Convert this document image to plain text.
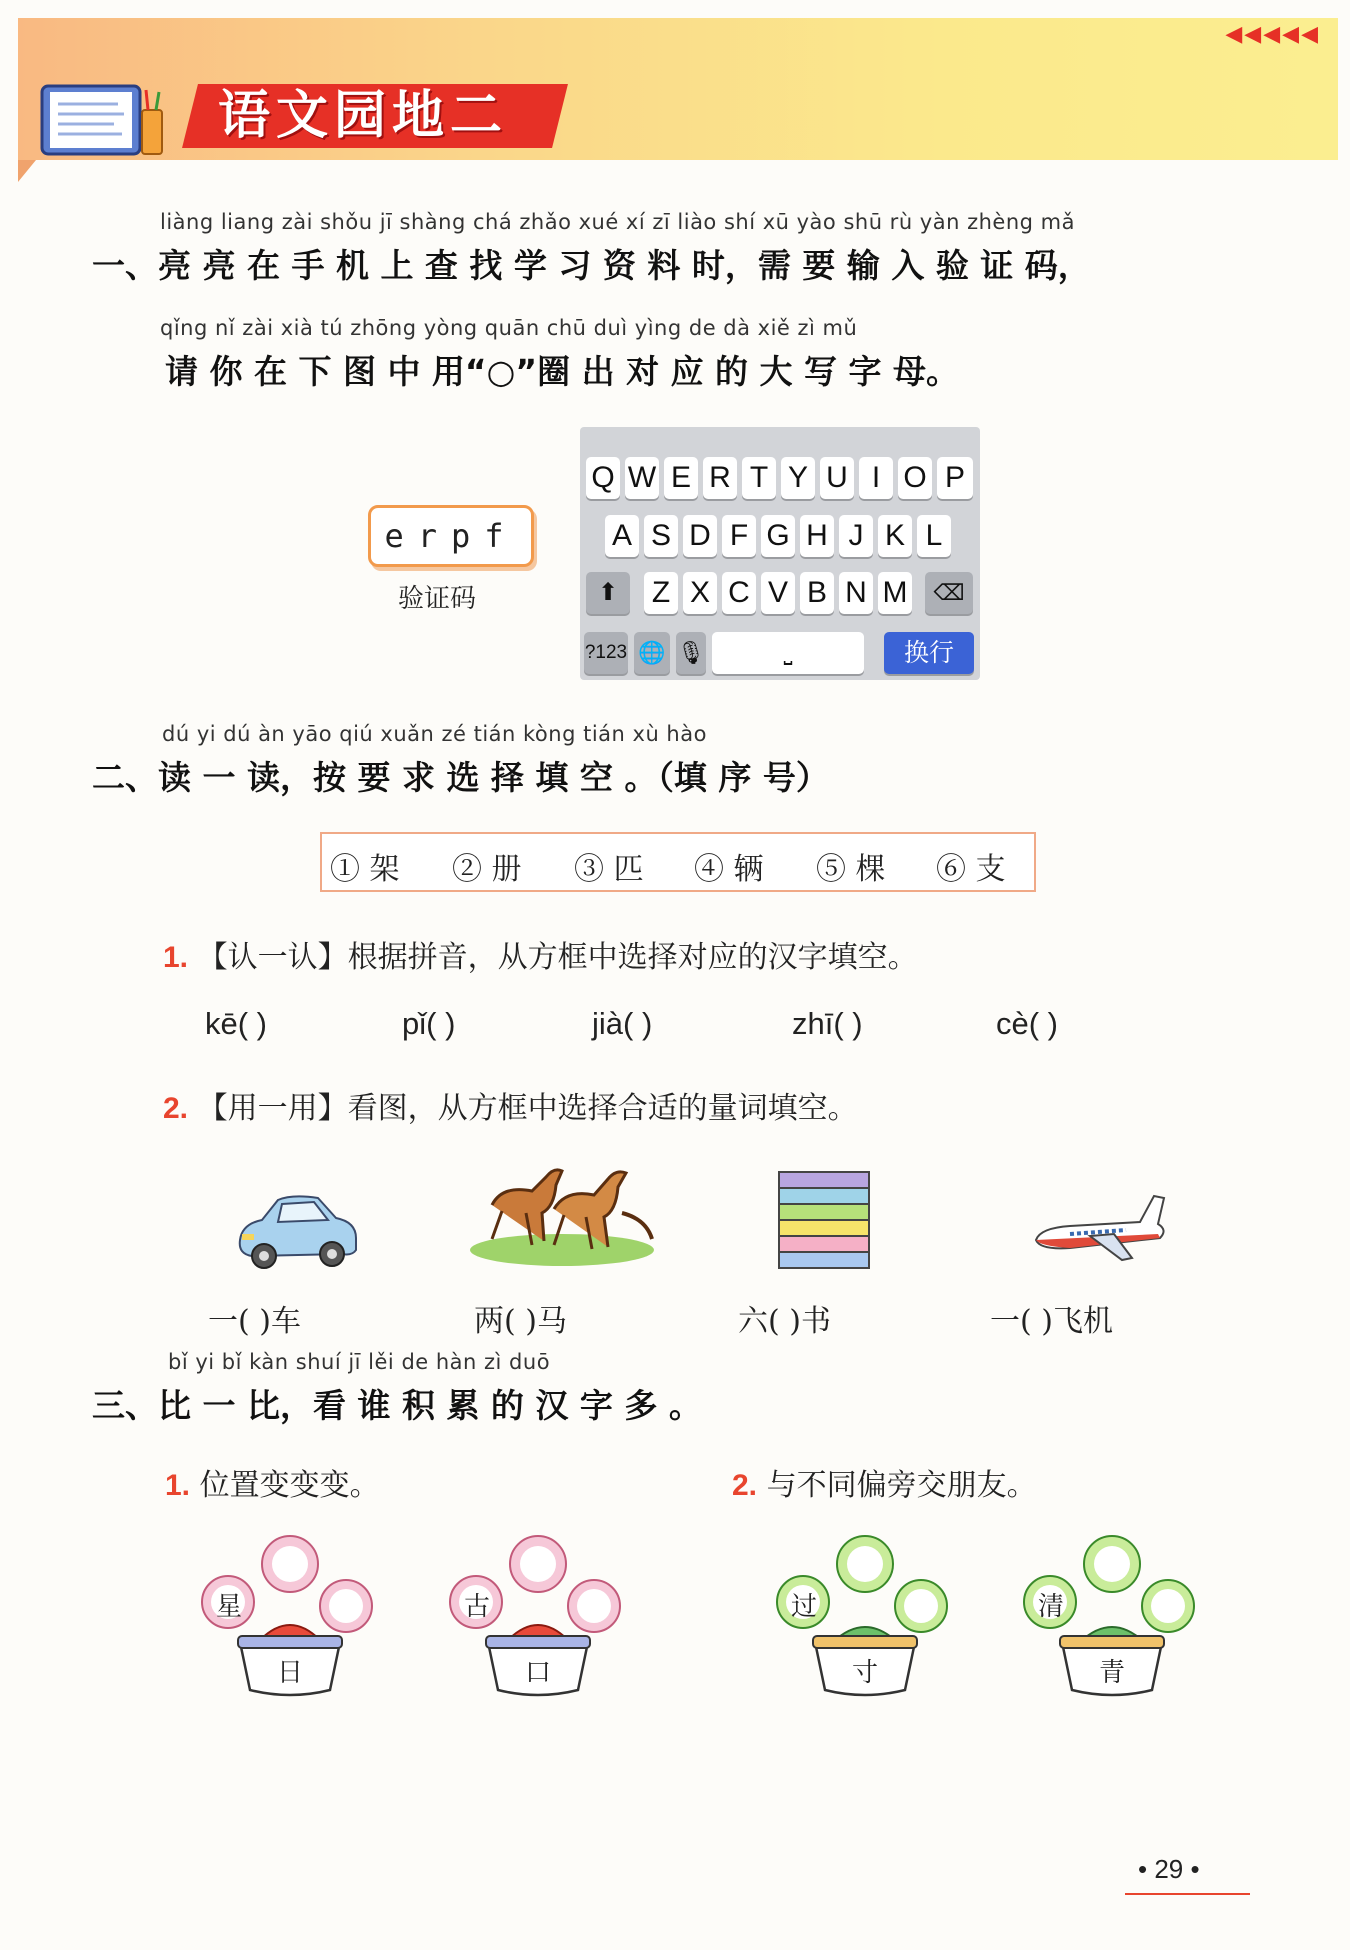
语文园地二
◀◀◀◀◀
liàng liang zài shǒu jī shàng chá zhǎo xué xí zī liào shí xū yào shū rù yàn zhèng mǎ
一、亮 亮 在 手 机 上 查 找 学 习 资 料 时，需 要 输 入 验 证 码，
qǐng nǐ zài xià tú zhōng yòng quān chū duì yìng de dà xiě zì mǔ
请 你 在 下 图 中 用“○”圈 出 对 应 的 大 写 字 母。
erpf
验证码
Q W E R T Y U I O P
A S D F G H J K L
⬆	Z X C V B N M	⌫
?123 🌐 🎙	⎵	换行
dú yi dú àn yāo qiú xuǎn zé tián kòng tián xù hào
二、读 一 读，按 要 求 选 择 填 空 。（填 序 号）
① 架 ② 册 ③ 匹 ④ 辆 ⑤ 棵 ⑥ 支
1. 【认一认】根据拼音，从方框中选择对应的汉字填空。
kē( )	pǐ( )	jià( )	zhī( )	cè( )
2. 【用一用】看图，从方框中选择合适的量词填空。
一( )车	两( )马	六( )书	一( )飞机
bǐ yi bǐ kàn shuí jī lěi de hàn zì duō
三、比 一 比，看 谁 积 累 的 汉 字 多 。
1. 位置变变变。	2. 与不同偏旁交朋友。
星
日
古
口
过
寸
清
青
• 29 •
